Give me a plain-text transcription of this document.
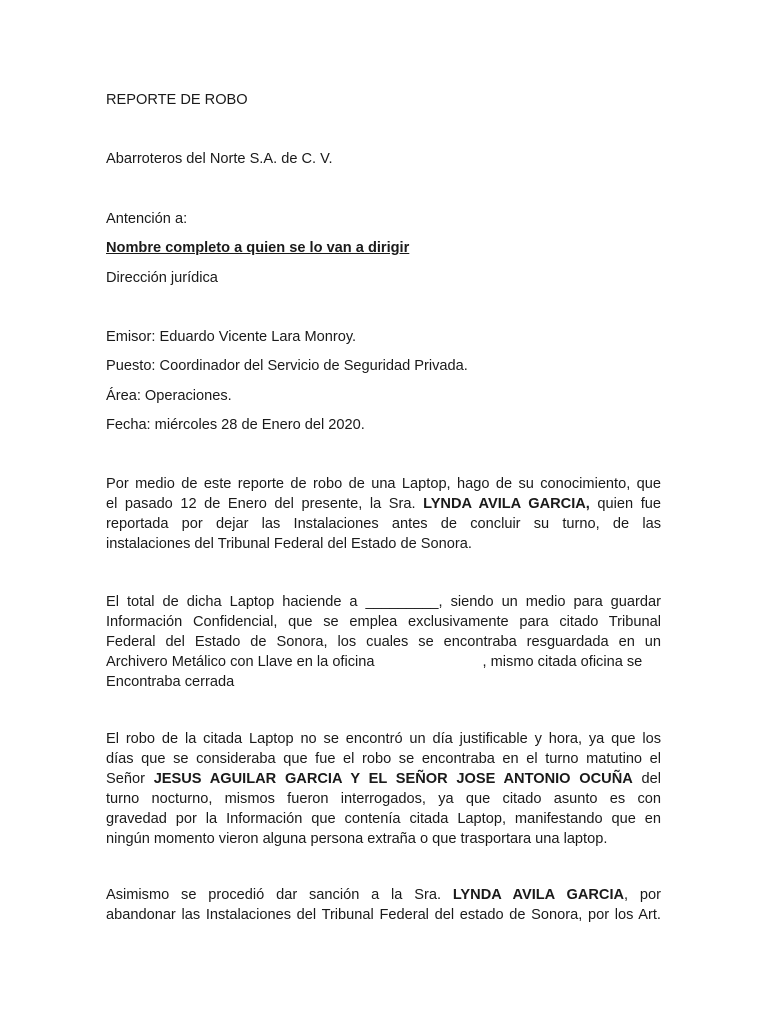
REPORTE DE ROBO
Abarroteros del Norte S.A. de C. V.
Antención a:
Nombre completo a quien se lo van a dirigir
Dirección jurídica
Emisor: Eduardo Vicente Lara Monroy.
Puesto: Coordinador del Servicio de Seguridad Privada.
Área: Operaciones.
Fecha: miércoles 28 de Enero del 2020.
Por medio de este reporte de robo de una Laptop, hago de su conocimiento, que
el pasado 12 de Enero del presente, la Sra. LYNDA AVILA GARCIA, quien fue
reportada por dejar las Instalaciones antes de concluir su turno, de las
instalaciones del Tribunal Federal del Estado de Sonora.
El total de dicha Laptop haciende a _________, siendo un medio para guardar
Información Confidencial, que se emplea exclusivamente para citado Tribunal
Federal del Estado de Sonora, los cuales se encontraba resguardada en un
Archivero Metálico con Llave en la oficina	, mismo citada oficina se
Encontraba cerrada
El robo de la citada Laptop no se encontró un día justificable y hora, ya que los
días que se consideraba que fue el robo se encontraba en el turno matutino el
Señor JESUS AGUILAR GARCIA Y EL SEÑOR JOSE ANTONIO OCUÑA del
turno nocturno, mismos fueron interrogados, ya que citado asunto es con
gravedad por la Información que contenía citada Laptop, manifestando que en
ningún momento vieron alguna persona extraña o que trasportara una laptop.
Asimismo se procedió dar sanción a la Sra. LYNDA AVILA GARCIA, por
abandonar las Instalaciones del Tribunal Federal del estado de Sonora, por los Art.
